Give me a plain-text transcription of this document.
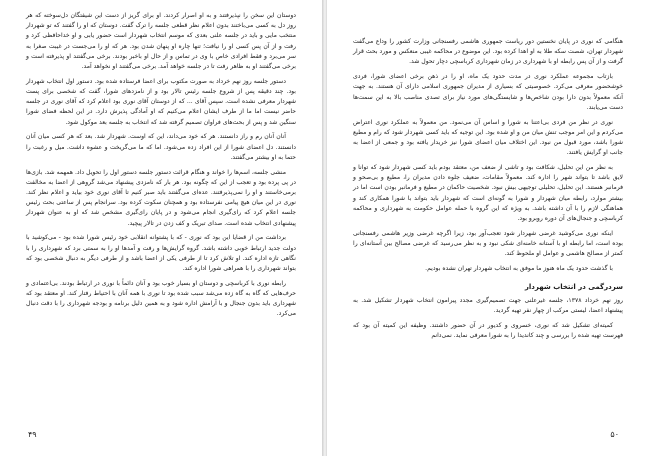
دوستان این سخن را نپذیرفتند و به او اصرار کردند. او برای گریز از دست این شیفتگان دل‌سوخته که هر روز دل به کسی می‌باختند بدون اعلام نظر قطعی جلسه را ترک گفت. دوستان که او را گفتند که تو شهردار منتخب مایی و باید در جلسه علنی بعدی که موسم انتخاب شهردار است حضور یابی و او خداحافظی کرد و رفت و از آن پس کسی او را نیافت؛ تنها چاره او پنهان شدن بود. هر که او را می‌جست در غیبت صغرا به سر می‌برد و فقط افرادی خاص با وی در تماس و از حال او باخبر بودند. برخی می‌گفتند او پذیرفته است و برخی می‌گفتند او به ظاهر رفت تا در جلسه خواهد آمد. برخی می‌گفتند او نخواهد آمد.

دستور جلسه روز نهم خرداد به صورت مکتوب برای اعضا فرستاده شده بود. دستور اول انتخاب شهردار بود. چند دقیقه پس از شروع جلسه رئیس تالار بود و از نامزدهای شورا، گفت که شخصی برای پست شهردار معرفی نشده است. سپس آقای ... که از دوستان آقای نوری بود اعلام کرد که آقای نوری در جلسه حاضر نیست اما ما از طرف ایشان اعلام می‌کنیم که او آمادگی پذیرش دارد. در این لحظه فضای شورا سنگین شد و پس از بحث‌های فراوان تصمیم گرفته شد که انتخاب به جلسه بعد موکول شود.

آنان آنان رم و راز دانستند. هر که خود می‌داند، این که اوست. شهردار شد. بعد که هر کسی میان آنان دانستند. دل اعضای شورا از این افراد زده می‌شود. اما که ما می‌گریخت و عشوه داشت. میل و رغبت را حتما به او بیشتر می‌گفتند.

منشی جلسه، اسم‌ها را خواند و هنگام قرائت دستور جلسه دستور اول را تحویل داد. همهمه شد. بازی‌ها در پی پرده بود و تعجب از این که چگونه بود. هر بار که نامزدی پیشنهاد می‌شد گروهی از اعضا به مخالفت برمی‌خاستند و او را نمی‌پذیرفتند. عده‌ای می‌گفتند باید صبر کنیم تا آقای نوری خود بیاید و اعلام نظر کند. نوری در این میان هیچ پیامی نفرستاده بود و همچنان سکوت کرده بود. سرانجام پس از ساعتی بحث رئیس جلسه اعلام کرد که رای‌گیری انجام می‌شود و در پایان رای‌گیری مشخص شد که او به عنوان شهردار پیشنهادی انتخاب شده است. صدای تبریک و کف زدن در تالار پیچید.

برداشت من از قضایا این بود که نوری - که با پشتوانه انقلابی خود رئیس شورا شده بود - می‌کوشید با دولت جدید ارتباط خوبی داشته باشد. گروه گرایش‌ها و رفت و آمدها او را به سمتی برد که شهرداری را با نگاهی تازه اداره کند. او تلاش کرد تا از طرفی یکی از اعضا باشد و از طرفی دیگر به دنبال شخصی بود که بتواند شهرداری را با همراهی شورا اداره کند.

رابطه نوری با کرباسچی و دوستان او بسیار خوب بود و آنان دائماً با نوری در ارتباط بودند. بی‌اعتمادی و حرف‌هایی که گاه به گاه زده می‌شد سبب شده بود تا نوری با همه آنان با احتیاط رفتار کند. او معتقد بود که شهرداری باید بدون جنجال و با آرامش اداره شود و به همین دلیل برنامه و بودجه شهرداری را با دقت دنبال می‌کرد.

۴۹

هنگامی که نوری در پایان نخستین دور ریاست جمهوری هاشمی رفسنجانی وزارت کشور را وداع می‌گفت شهردار تهران، شصت سکه طلا به او اهدا کرده بود. این موضوع در محاکمه غیبی منعکس و مورد بحث قرار گرفت و از آن پس رابطه او با شهرداری در زمان شهرداری کرباسچی دچار تحول شد.

بازتاب مجموعه عملکرد نوری در مدت حدود یک ماه، او را در ذهن برخی اعضای شورا، فردی خوشحضور معرفی می‌کرد. خصوصیتی که بسیاری از مدیران جمهوری اسلامی دارای آن هستند. به جهت آنکه معمولاً بدون دارا بودن شاخص‌ها و شایستگی‌های مورد نیاز برای تصدی مناصب بالا به این سمت‌ها دست می‌یابند.

نوری در نظر من فردی بی‌اعتنا به شورا و اساس آن می‌نمود. من معمولاً به عملکرد نوری اعتراض می‌کردم و این امر موجب تنش میان من و او شده بود. این توجیه که باید کسی شهردار شود که رام و مطیع شورا باشد، مورد قبول من نبود. این اختلاف میان اعضای شورا نیز خریدار یافته بود و جمعی از اعضا به جانب او گرایش یافتند.

به نظر من این تحلیل، شکافت بود و تاشی از ضعف من، معتقد بودم باید کسی شهردار شود که توانا و لایق باشد تا بتواند شهر را اداره کند. معمولاً مقامات، ضعیف جلوه دادن مدیران را، مطیع و بی‌صحو و فرمانبر هستند. این تحلیل، تحلیلی توجیهی بیش نبود. شخصیت حاکمان در مطیع و فرمانبر بودن است اما در بیشتر موارد، رابطه میان شهردار و شورا به گونه‌ای است که شهردار باید بتواند با شورا همکاری کند و هماهنگی لازم را با آن داشته باشد. به ویژه که این گروه با حمله عوامل حکومت به شهرداری و محاکمه کرباسچی و جنجال‌های آن دوره روبرو بود.

اینکه نوری می‌کوشید غرضی شهردار شود تعجب‌آور بود، زیرا اگرچه غرضی وزیر هاشمی رفسنجانی بوده است، اما رابطه او با آستانه خامنه‌ای شکی نبود و به نظر می‌رسید که غرضی مصالح بین آستانه‌ای را کمتر از مصالح هاشمی و عوامل او ملحوظ کند.

با گذشت حدود یک ماه هنوز ما موفق به انتخاب شهردار تهران نشده بودیم.

سردرگمی در انتخاب شهردار

روز نهم خرداد ۱۳۷۸، جلسه غیرعلنی جهت تصمیم‌گیری مجدد پیرامون انتخاب شهردار تشکیل شد. به پیشنهاد اعضا، لیستی مرکب از چهار نفر تهیه گردید.

کمیته‌ای تشکیل شد که نوری، خسروی و کدیور در آن حضور داشتند. وظیفه این کمیته آن بود که فهرست تهیه شده را بررسی و چند کاندیدا را به شورا معرفی نماید. نمی‌دانم

۵۰
